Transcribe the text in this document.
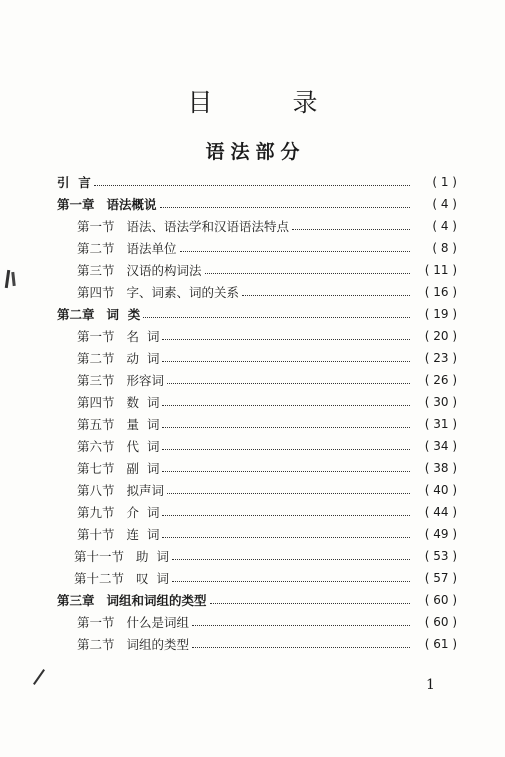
目 录
语法部分
引  言	( 1 )
第一章 语法概说	( 4 )
第一节 语法、语法学和汉语语法特点	( 4 )
第二节 语法单位	( 8 )
第三节 汉语的构词法	( 11 )
第四节 字、词素、词的关系	( 16 )
第二章 词  类	( 19 )
第一节 名  词	( 20 )
第二节 动  词	( 23 )
第三节 形容词	( 26 )
第四节 数  词	( 30 )
第五节 量  词	( 31 )
第六节 代  词	( 34 )
第七节 副  词	( 38 )
第八节 拟声词	( 40 )
第九节 介  词	( 44 )
第十节 连  词	( 49 )
第十一节 助  词	( 53 )
第十二节 叹  词	( 57 )
第三章 词组和词组的类型	( 60 )
第一节 什么是词组	( 60 )
第二节 词组的类型	( 61 )
1
